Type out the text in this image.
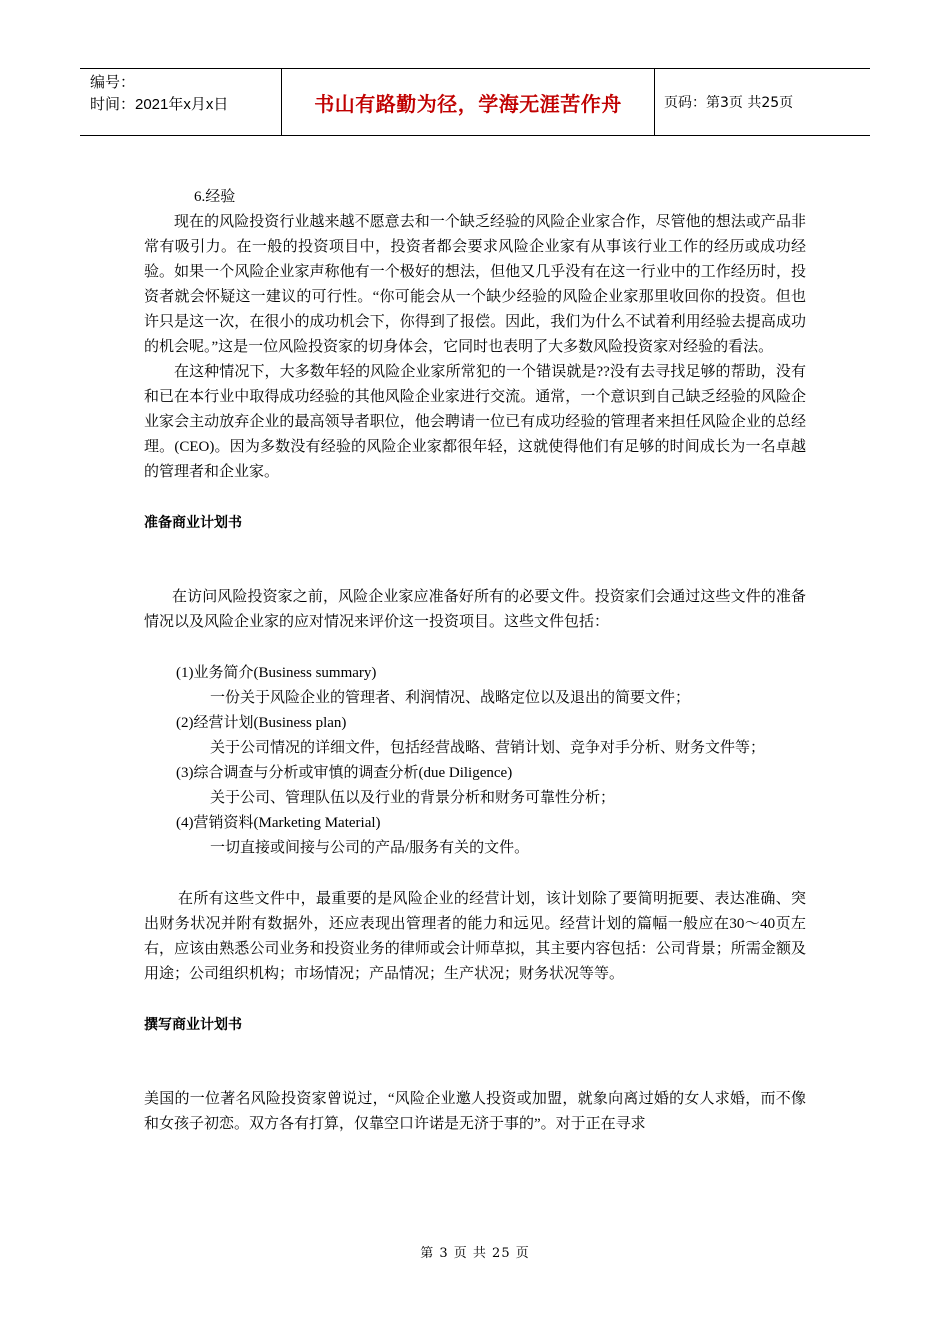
编号：
时间：2021年x月x日	书山有路勤为径，学海无涯苦作舟	页码：第3页 共25页

6.经验

现在的风险投资行业越来越不愿意去和一个缺乏经验的风险企业家合作，尽管他的想法或产品非常有吸引力。在一般的投资项目中，投资者都会要求风险企业家有从事该行业工作的经历或成功经验。如果一个风险企业家声称他有一个极好的想法，但他又几乎没有在这一行业中的工作经历时，投资者就会怀疑这一建议的可行性。“你可能会从一个缺少经验的风险企业家那里收回你的投资。但也许只是这一次，在很小的成功机会下，你得到了报偿。因此，我们为什么不试着利用经验去提高成功的机会呢。”这是一位风险投资家的切身体会，它同时也表明了大多数风险投资家对经验的看法。

在这种情况下，大多数年轻的风险企业家所常犯的一个错误就是??没有去寻找足够的帮助，没有和已在本行业中取得成功经验的其他风险企业家进行交流。通常，一个意识到自己缺乏经验的风险企业家会主动放弃企业的最高领导者职位，他会聘请一位已有成功经验的管理者来担任风险企业的总经理。(CEO)。因为多数没有经验的风险企业家都很年轻，这就使得他们有足够的时间成长为一名卓越的管理者和企业家。

准备商业计划书

在访问风险投资家之前，风险企业家应准备好所有的必要文件。投资家们会通过这些文件的准备情况以及风险企业家的应对情况来评价这一投资项目。这些文件包括：

(1)业务简介(Business summary)

一份关于风险企业的管理者、利润情况、战略定位以及退出的简要文件；

(2)经营计划(Business plan)

关于公司情况的详细文件，包括经营战略、营销计划、竞争对手分析、财务文件等；

(3)综合调查与分析或审慎的调查分析(due Diligence)

关于公司、管理队伍以及行业的背景分析和财务可靠性分析；

(4)营销资料(Marketing Material)

一切直接或间接与公司的产品/服务有关的文件。

在所有这些文件中，最重要的是风险企业的经营计划，该计划除了要简明扼要、表达准确、突出财务状况并附有数据外，还应表现出管理者的能力和远见。经营计划的篇幅一般应在30～40页左右，应该由熟悉公司业务和投资业务的律师或会计师草拟，其主要内容包括：公司背景；所需金额及用途；公司组织机构；市场情况；产品情况；生产状况；财务状况等等。

撰写商业计划书

美国的一位著名风险投资家曾说过，“风险企业邀人投资或加盟，就象向离过婚的女人求婚，而不像和女孩子初恋。双方各有打算，仅靠空口许诺是无济于事的”。对于正在寻求

第 3 页 共 25 页
